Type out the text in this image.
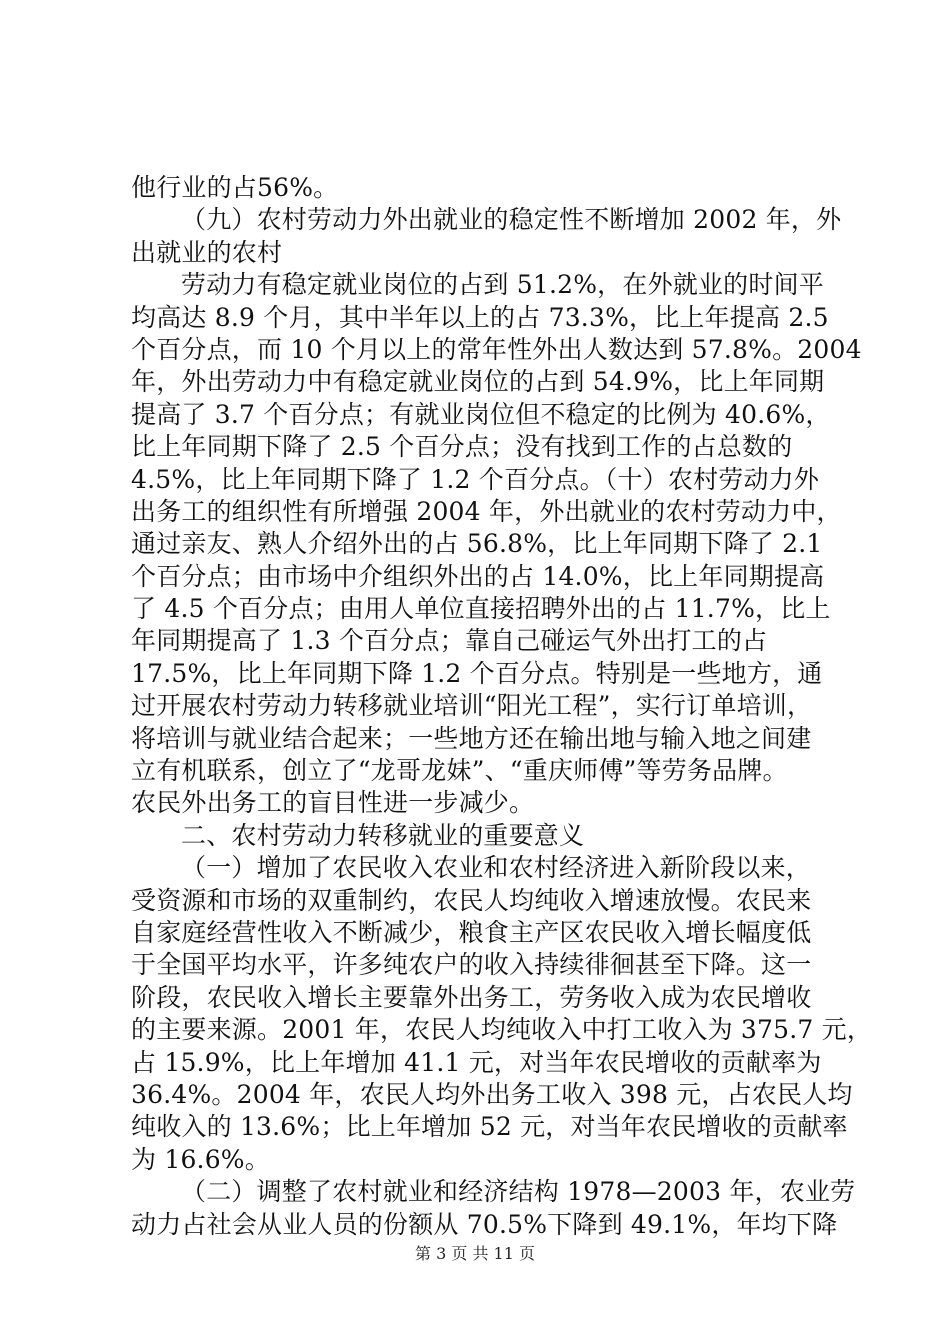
他行业的占56%。
（九）农村劳动力外出就业的稳定性不断增加 2002 年，外
出就业的农村
劳动力有稳定就业岗位的占到 51.2%，在外就业的时间平
均高达 8.9 个月，其中半年以上的占 73.3%，比上年提高 2.5
个百分点，而 10 个月以上的常年性外出人数达到 57.8%。2004
年，外出劳动力中有稳定就业岗位的占到 54.9%，比上年同期
提高了 3.7 个百分点；有就业岗位但不稳定的比例为 40.6%，
比上年同期下降了 2.5 个百分点；没有找到工作的占总数的
4.5%，比上年同期下降了 1.2 个百分点。（十）农村劳动力外
出务工的组织性有所增强 2004 年，外出就业的农村劳动力中，
通过亲友、熟人介绍外出的占 56.8%，比上年同期下降了 2.1
个百分点；由市场中介组织外出的占 14.0%，比上年同期提高
了 4.5 个百分点；由用人单位直接招聘外出的占 11.7%，比上
年同期提高了 1.3 个百分点；靠自己碰运气外出打工的占
17.5%，比上年同期下降 1.2 个百分点。特别是一些地方，通
过开展农村劳动力转移就业培训“阳光工程”，实行订单培训，
将培训与就业结合起来；一些地方还在输出地与输入地之间建
立有机联系，创立了“龙哥龙妹”、“重庆师傅”等劳务品牌。
农民外出务工的盲目性进一步减少。
二、农村劳动力转移就业的重要意义
（一）增加了农民收入农业和农村经济进入新阶段以来，
受资源和市场的双重制约，农民人均纯收入增速放慢。农民来
自家庭经营性收入不断减少，粮食主产区农民收入增长幅度低
于全国平均水平，许多纯农户的收入持续徘徊甚至下降。这一
阶段，农民收入增长主要靠外出务工，劳务收入成为农民增收
的主要来源。2001 年，农民人均纯收入中打工收入为 375.7 元，
占 15.9%，比上年增加 41.1 元，对当年农民增收的贡献率为
36.4%。2004 年，农民人均外出务工收入 398 元，占农民人均
纯收入的 13.6%；比上年增加 52 元，对当年农民增收的贡献率
为 16.6%。
（二）调整了农村就业和经济结构 1978—2003 年，农业劳
动力占社会从业人员的份额从 70.5%下降到 49.1%，年均下降
第 3 页 共 11 页
